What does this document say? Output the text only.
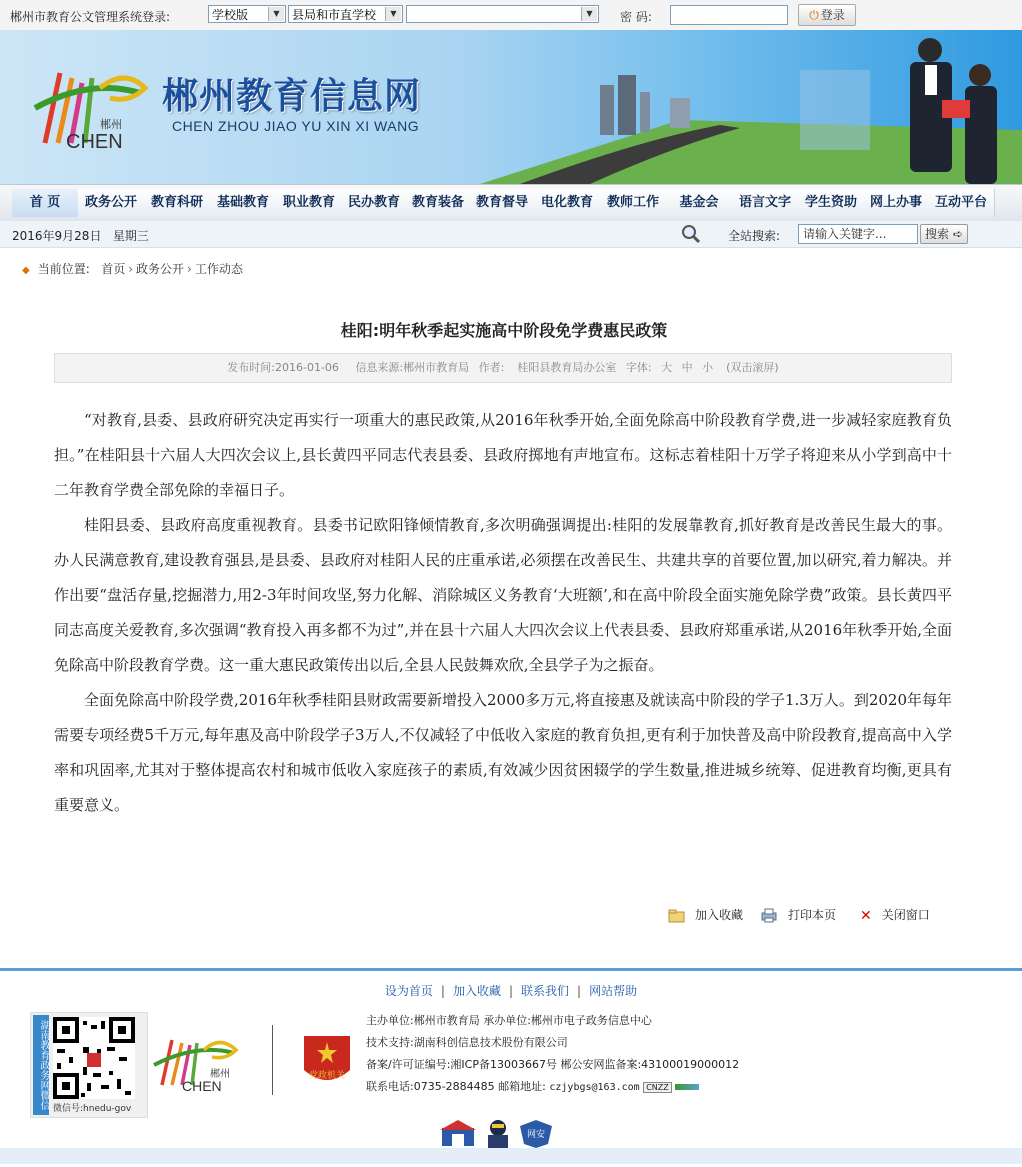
郴州市教育公文管理系统登录:	学校版	▼	县局和市直学校	▼	▼	密 码:	⏻ 登录
郴州
CHEN
郴州教育信息网
CHEN ZHOU JIAO YU XIN XI WANG
首 页	政务公开	教育科研	基础教育	职业教育 民办教育 教育装备 教育督导 电化教育	教师工作	基金会	语言文字	学生资助 网上办事 互动平台
2016年9月28日 星期三	全站搜索:	请输入关键字...	搜索 ➪
◆ 当前位置: 首页 › 政务公开 › 工作动态
桂阳:明年秋季起实施高中阶段免学费惠民政策
发布时间:2016-01-06 信息来源:郴州市教育局 作者: 桂阳县教育局办公室 字体: 大 中 小 (双击滚屏)

“对教育,县委、县政府研究决定再实行一项重大的惠民政策,从2016年秋季开始,全面免除高中阶段教育学费,进一步减轻家庭教育负担。”在桂阳县十六届人大四次会议上,县长黄四平同志代表县委、县政府掷地有声地宣布。这标志着桂阳十万学子将迎来从小学到高中十二年教育学费全部免除的幸福日子。

桂阳县委、县政府高度重视教育。县委书记欧阳锋倾情教育,多次明确强调提出:桂阳的发展靠教育,抓好教育是改善民生最大的事。办人民满意教育,建设教育强县,是县委、县政府对桂阳人民的庄重承诺,必须摆在改善民生、共建共享的首要位置,加以研究,着力解决。并作出要“盘活存量,挖掘潜力,用2-3年时间攻坚,努力化解、消除城区义务教育‘大班额’,和在高中阶段全面实施免除学费”政策。县长黄四平同志高度关爱教育,多次强调“教育投入再多都不为过”,并在县十六届人大四次会议上代表县委、县政府郑重承诺,从2016年秋季开始,全面免除高中阶段教育学费。这一重大惠民政策传出以后,全县人民鼓舞欢欣,全县学子为之振奋。

全面免除高中阶段学费,2016年秋季桂阳县财政需要新增投入2000多万元,将直接惠及就读高中阶段的学子1.3万人。到2020年每年需要专项经费5千万元,每年惠及高中阶段学子3万人,不仅减轻了中低收入家庭的教育负担,更有利于加快普及高中阶段教育,提高高中入学率和巩固率,尤其对于整体提高农村和城市低收入家庭孩子的素质,有效减少因贫困辍学的学生数量,推进城乡统筹、促进教育均衡,更具有重要意义。

加入收藏	打印本页 ✕ 关闭窗口
设为首页 | 加入收藏 | 联系我们 | 网站帮助
湖南教育政务网微信 微信号:hnedu-gov
郴州
CHEN
党政机关
主办单位:郴州市教育局 承办单位:郴州市电子政务信息中心
技术支持:湖南科创信息技术股份有限公司
备案/许可证编号:湘ICP备13003667号 郴公安网监备案:43100019000012
联系电话:0735-2884485 邮箱地址: czjybgs@163.com CNZZ

网安
